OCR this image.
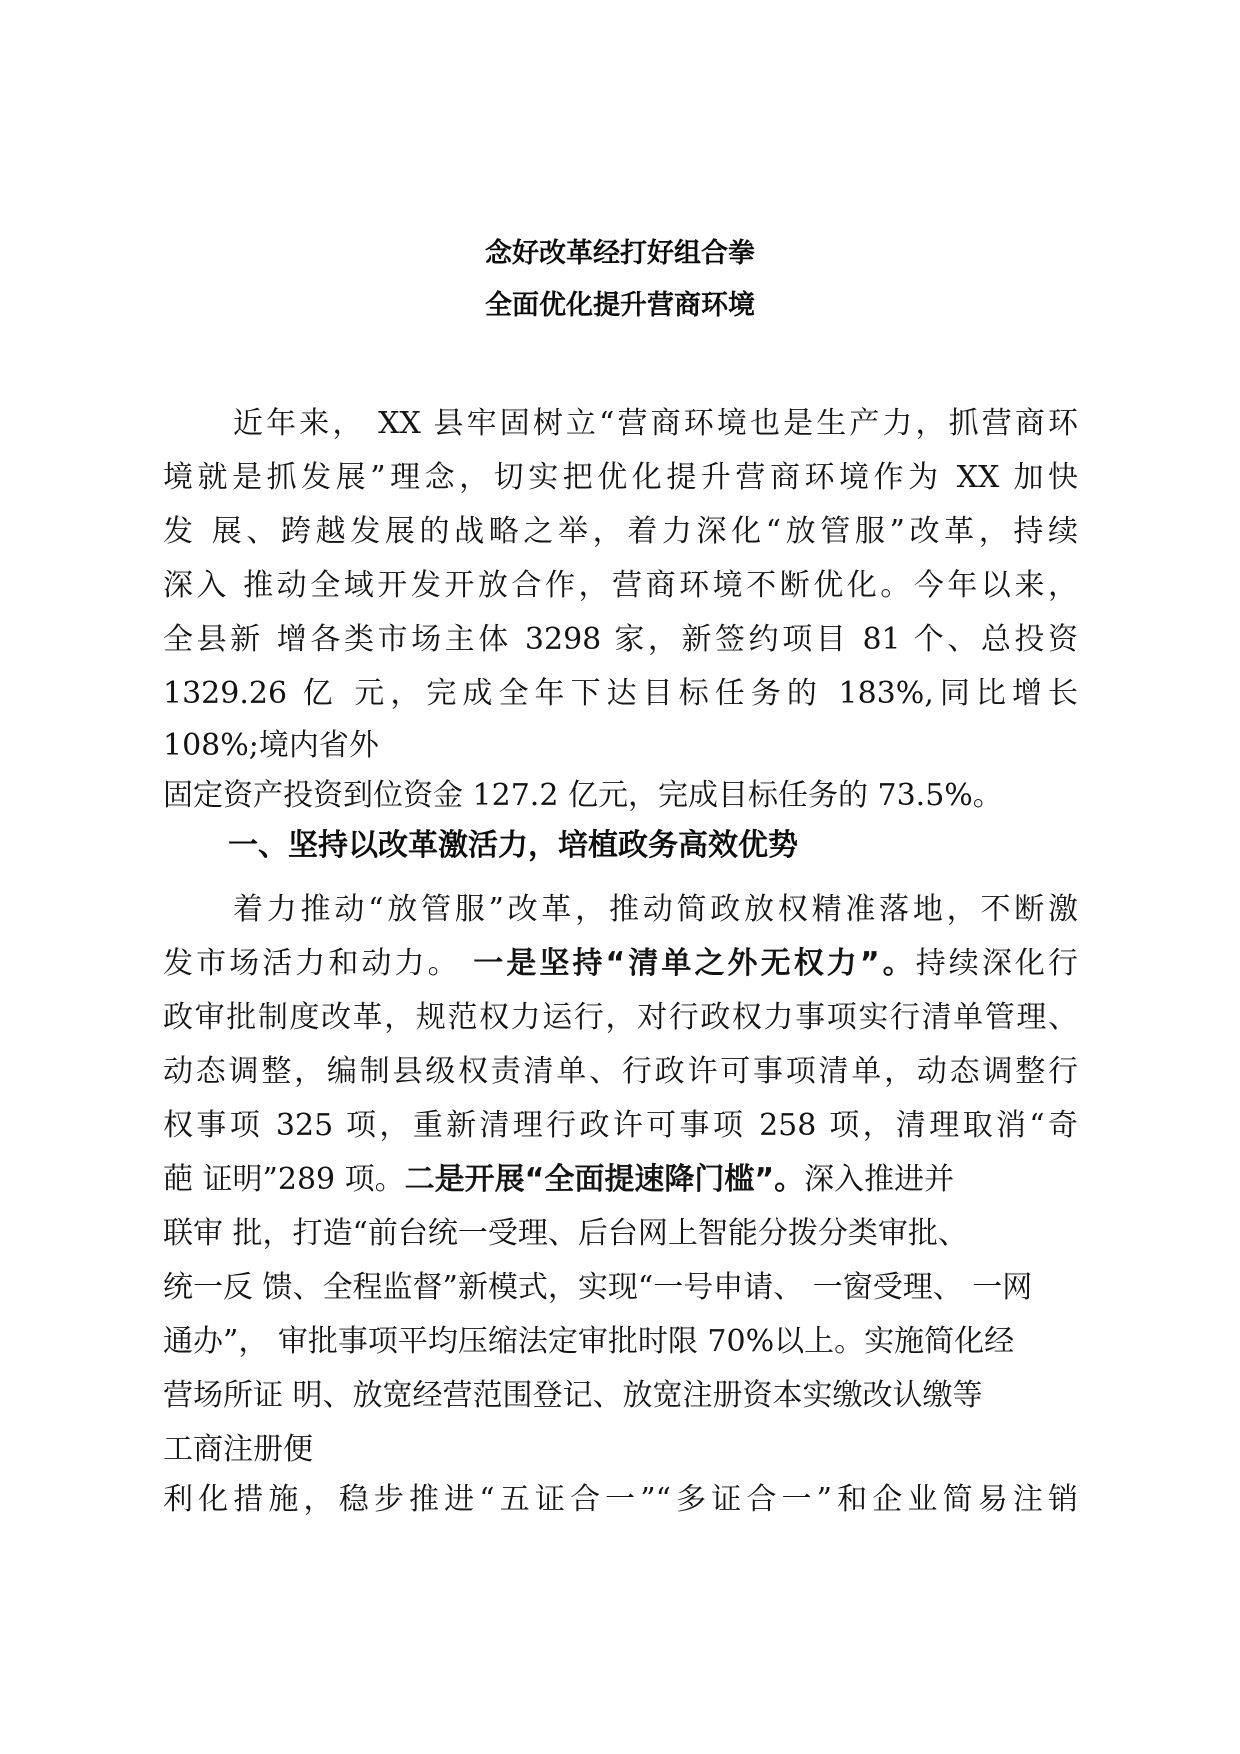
念好改革经打好组合拳
全面优化提升营商环境
近年来， XX 县牢固树立“营商环境也是生产力，抓营商环
境就是抓发展”理念，切实把优化提升营商环境作为 XX 加快
发 展、跨越发展的战略之举，着力深化“放管服”改革，持续
深入 推动全域开发开放合作，营商环境不断优化。今年以来，
全县新 增各类市场主体 3298 家，新签约项目 81 个、总投资
1329.26 亿 元，完成全年下达目标任务的 183%,同比增长
108%;境内省外
固定资产投资到位资金 127.2 亿元，完成目标任务的 73.5%。
一、坚持以改革激活力，培植政务高效优势
着力推动“放管服”改革，推动简政放权精准落地，不断激
发市场活力和动力。 一是坚持“清单之外无权力”。持续深化行
政审批制度改革，规范权力运行，对行政权力事项实行清单管理、
动态调整，编制县级权责清单、行政许可事项清单，动态调整行
权事项 325 项，重新清理行政许可事项 258 项，清理取消“奇
葩 证明”289 项。二是开展“全面提速降门槛”。深入推进并
联审 批，打造“前台统一受理、后台网上智能分拨分类审批、
统一反 馈、全程监督”新模式，实现“一号申请、 一窗受理、 一网
通办”， 审批事项平均压缩法定审批时限 70%以上。实施简化经
营场所证 明、放宽经营范围登记、放宽注册资本实缴改认缴等
工商注册便
利化措施，稳步推进“五证合一”“多证合一”和企业简易注销
